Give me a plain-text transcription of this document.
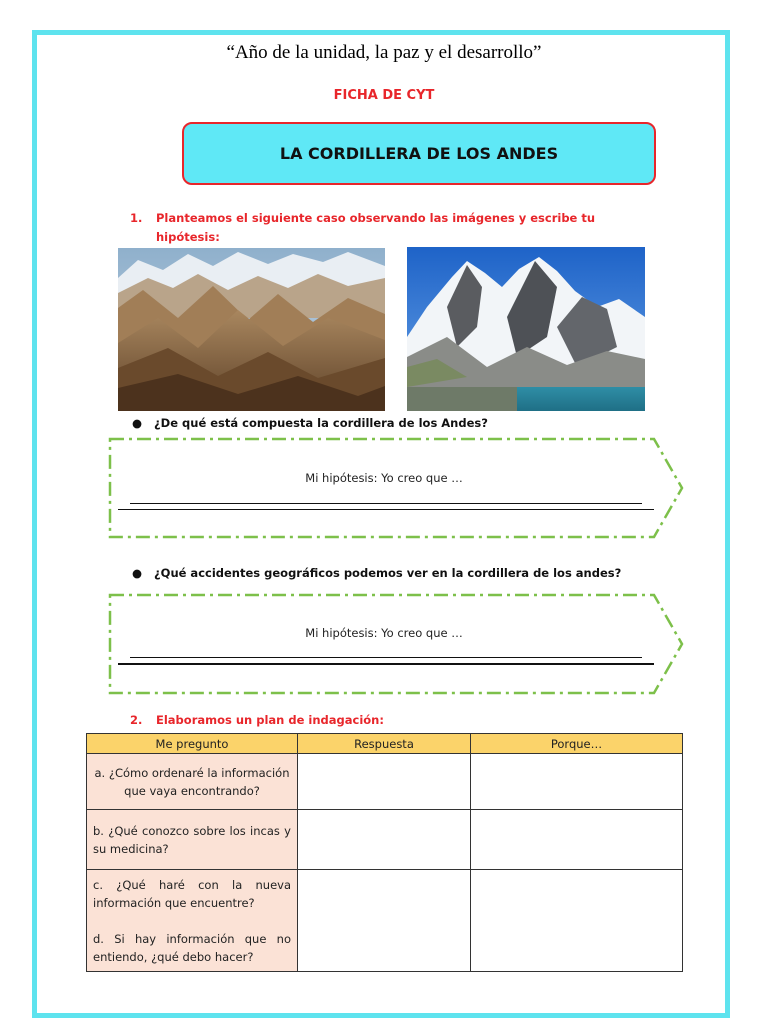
“Año de la unidad, la paz y el desarrollo”
FICHA DE CYT
LA CORDILLERA DE LOS ANDES
1. Planteamos el siguiente caso observando las imágenes y escribe tu
hipótesis:
● ¿De qué está compuesta la cordillera de los Andes?
Mi hipótesis: Yo creo que …
● ¿Qué accidentes geográficos podemos ver en la cordillera de los andes?
Mi hipótesis: Yo creo que …
2. Elaboramos un plan de indagación:
Me pregunto	Respuesta	Porque…
a. ¿Cómo ordenaré la información que vaya encontrando?		
b. ¿Qué conozco sobre los incas y su medicina?		

c. ¿Qué haré con la nueva información que encuentre?
d. Si hay información que no entiendo, ¿qué debo hacer?		
